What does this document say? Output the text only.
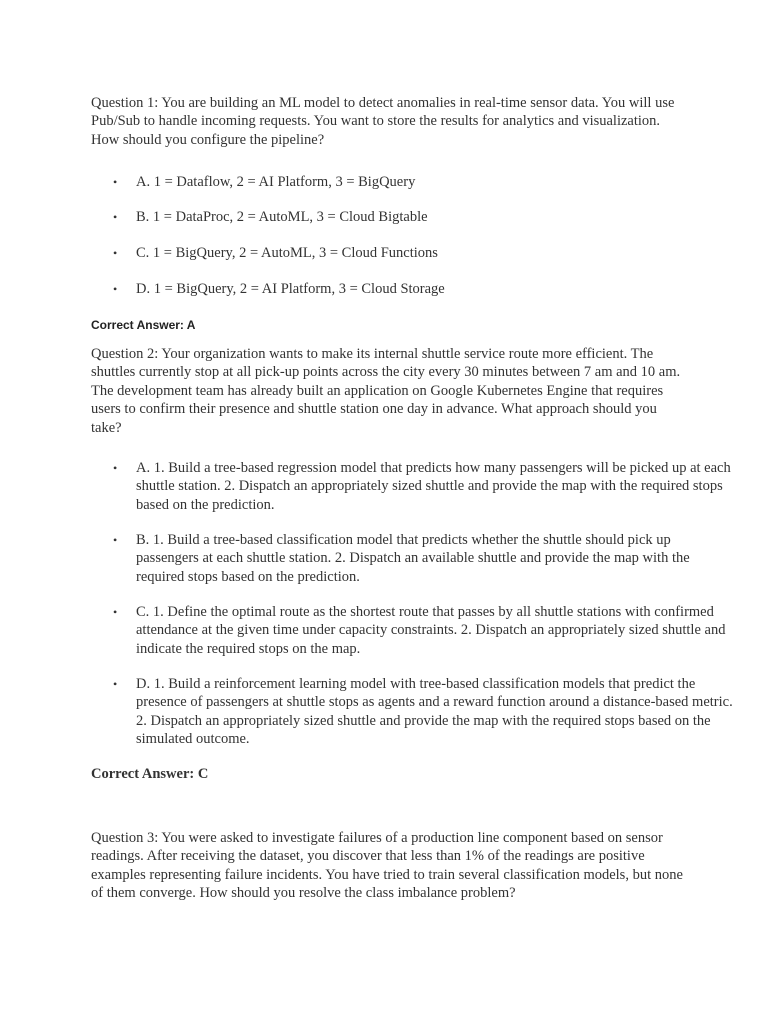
Question 1: You are building an ML model to detect anomalies in real-time sensor data. You will use Pub/Sub to handle incoming requests. You want to store the results for analytics and visualization. How should you configure the pipeline?

• A. 1 = Dataflow, 2 = AI Platform, 3 = BigQuery
• B. 1 = DataProc, 2 = AutoML, 3 = Cloud Bigtable
• C. 1 = BigQuery, 2 = AutoML, 3 = Cloud Functions
• D. 1 = BigQuery, 2 = AI Platform, 3 = Cloud Storage

Correct Answer: A

Question 2: Your organization wants to make its internal shuttle service route more efficient. The shuttles currently stop at all pick-up points across the city every 30 minutes between 7 am and 10 am. The development team has already built an application on Google Kubernetes Engine that requires users to confirm their presence and shuttle station one day in advance. What approach should you take?

• A. 1. Build a tree-based regression model that predicts how many passengers will be picked up at each shuttle station. 2. Dispatch an appropriately sized shuttle and provide the map with the required stops based on the prediction.
• B. 1. Build a tree-based classification model that predicts whether the shuttle should pick up passengers at each shuttle station. 2. Dispatch an available shuttle and provide the map with the required stops based on the prediction.
• C. 1. Define the optimal route as the shortest route that passes by all shuttle stations with confirmed attendance at the given time under capacity constraints. 2. Dispatch an appropriately sized shuttle and indicate the required stops on the map.
• D. 1. Build a reinforcement learning model with tree-based classification models that predict the presence of passengers at shuttle stops as agents and a reward function around a distance-based metric. 2. Dispatch an appropriately sized shuttle and provide the map with the required stops based on the simulated outcome.

Correct Answer: C

Question 3: You were asked to investigate failures of a production line component based on sensor readings. After receiving the dataset, you discover that less than 1% of the readings are positive examples representing failure incidents. You have tried to train several classification models, but none of them converge. How should you resolve the class imbalance problem?
